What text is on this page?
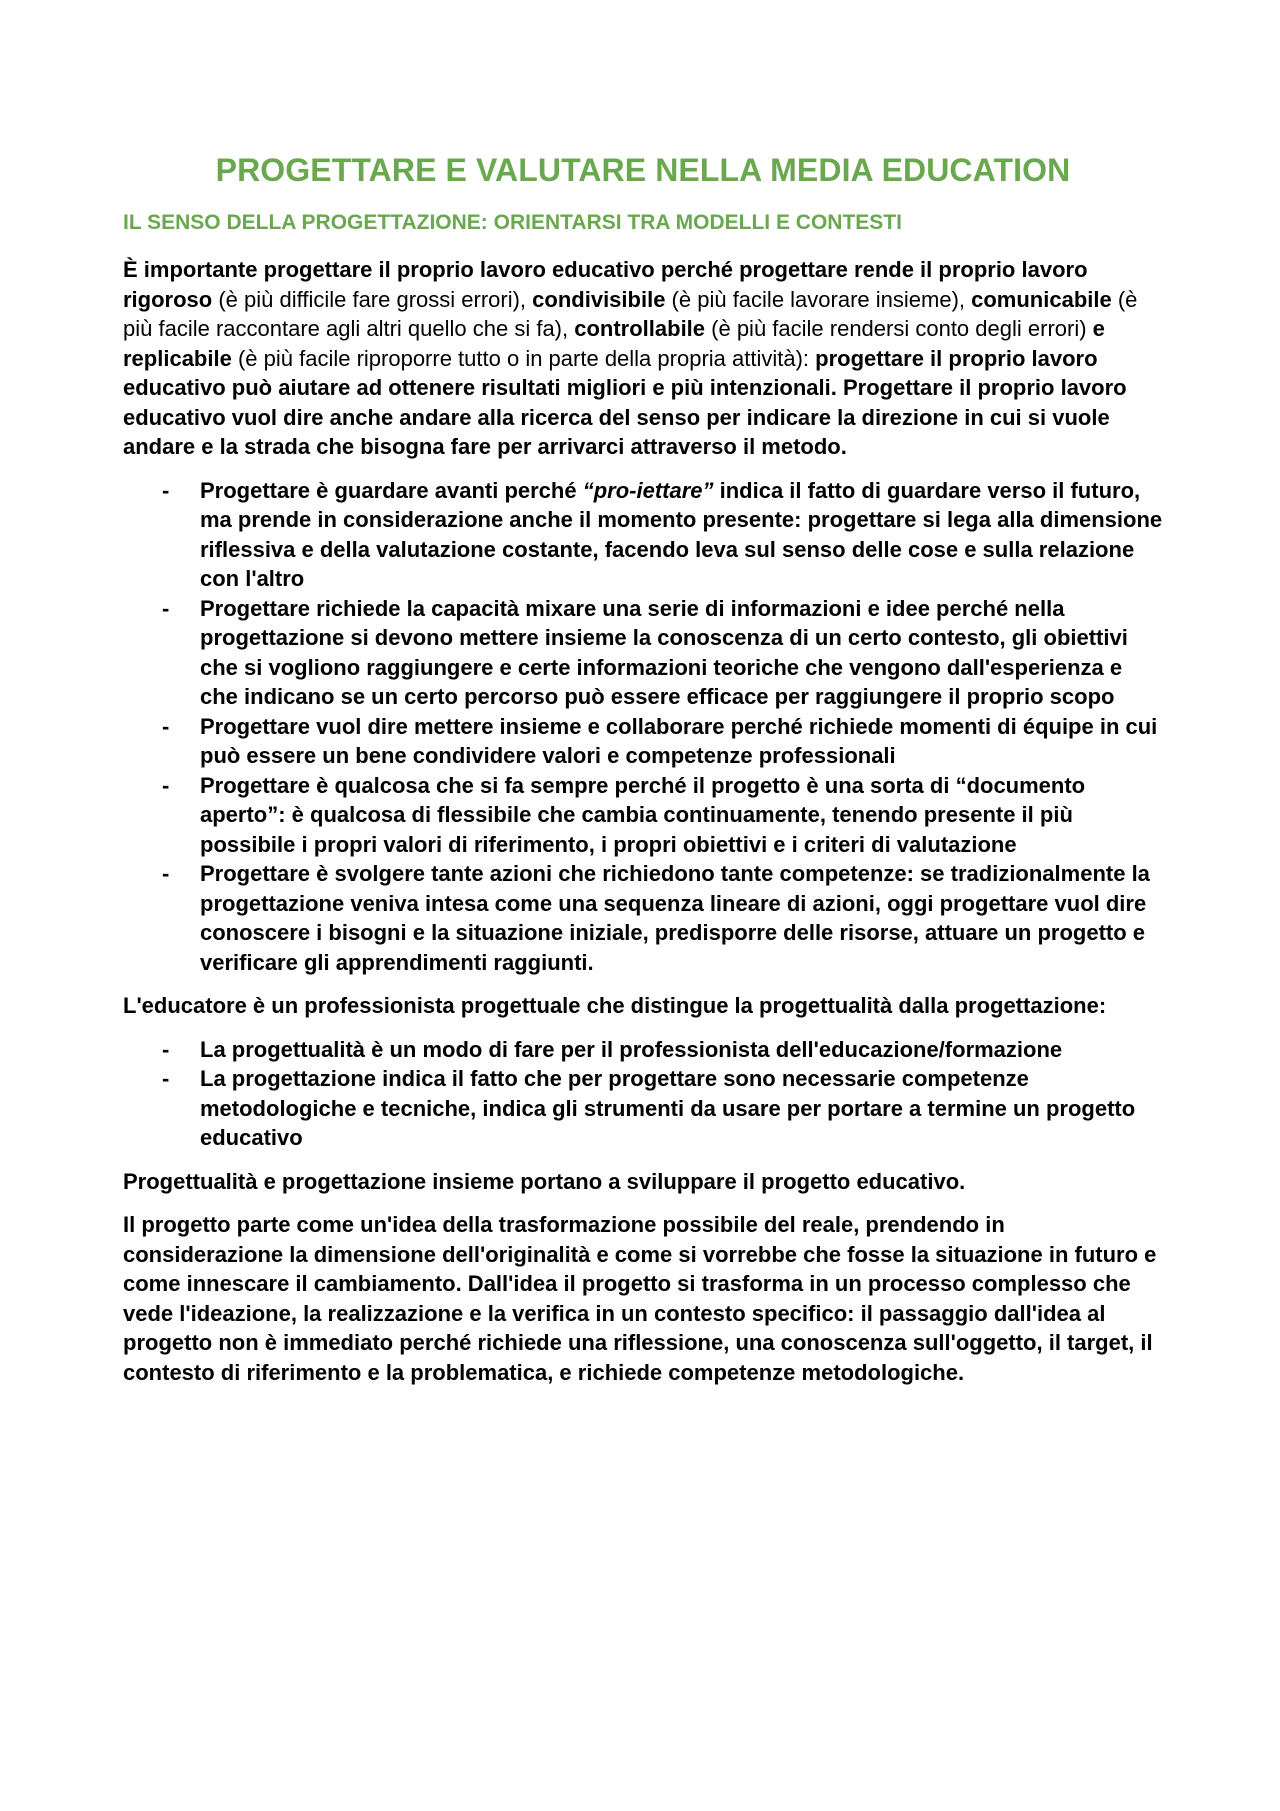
PROGETTARE E VALUTARE NELLA MEDIA EDUCATION
IL SENSO DELLA PROGETTAZIONE: ORIENTARSI TRA MODELLI E CONTESTI

È importante progettare il proprio lavoro educativo perché progettare rende il proprio lavoro rigoroso (è più difficile fare grossi errori), condivisibile (è più facile lavorare insieme), comunicabile (è più facile raccontare agli altri quello che si fa), controllabile (è più facile rendersi conto degli errori) e replicabile (è più facile riproporre tutto o in parte della propria attività): progettare il proprio lavoro educativo può aiutare ad ottenere risultati migliori e più intenzionali. Progettare il proprio lavoro educativo vuol dire anche andare alla ricerca del senso per indicare la direzione in cui si vuole andare e la strada che bisogna fare per arrivarci attraverso il metodo.

- Progettare è guardare avanti perché “pro-iettare” indica il fatto di guardare verso il futuro, ma prende in considerazione anche il momento presente: progettare si lega alla dimensione riflessiva e della valutazione costante, facendo leva sul senso delle cose e sulla relazione con l'altro
- Progettare richiede la capacità mixare una serie di informazioni e idee perché nella progettazione si devono mettere insieme la conoscenza di un certo contesto, gli obiettivi che si vogliono raggiungere e certe informazioni teoriche che vengono dall'esperienza e che indicano se un certo percorso può essere efficace per raggiungere il proprio scopo
- Progettare vuol dire mettere insieme e collaborare perché richiede momenti di équipe in cui può essere un bene condividere valori e competenze professionali
- Progettare è qualcosa che si fa sempre perché il progetto è una sorta di “documento aperto”: è qualcosa di flessibile che cambia continuamente, tenendo presente il più possibile i propri valori di riferimento, i propri obiettivi e i criteri di valutazione
- Progettare è svolgere tante azioni che richiedono tante competenze: se tradizionalmente la progettazione veniva intesa come una sequenza lineare di azioni, oggi progettare vuol dire conoscere i bisogni e la situazione iniziale, predisporre delle risorse, attuare un progetto e verificare gli apprendimenti raggiunti.

L'educatore è un professionista progettuale che distingue la progettualità dalla progettazione:

- La progettualità è un modo di fare per il professionista dell'educazione/formazione
- La progettazione indica il fatto che per progettare sono necessarie competenze metodologiche e tecniche, indica gli strumenti da usare per portare a termine un progetto educativo

Progettualità e progettazione insieme portano a sviluppare il progetto educativo.

Il progetto parte come un'idea della trasformazione possibile del reale, prendendo in considerazione la dimensione dell'originalità e come si vorrebbe che fosse la situazione in futuro e come innescare il cambiamento. Dall'idea il progetto si trasforma in un processo complesso che vede l'ideazione, la realizzazione e la verifica in un contesto specifico: il passaggio dall'idea al progetto non è immediato perché richiede una riflessione, una conoscenza sull'oggetto, il target, il contesto di riferimento e la problematica, e richiede competenze metodologiche.
